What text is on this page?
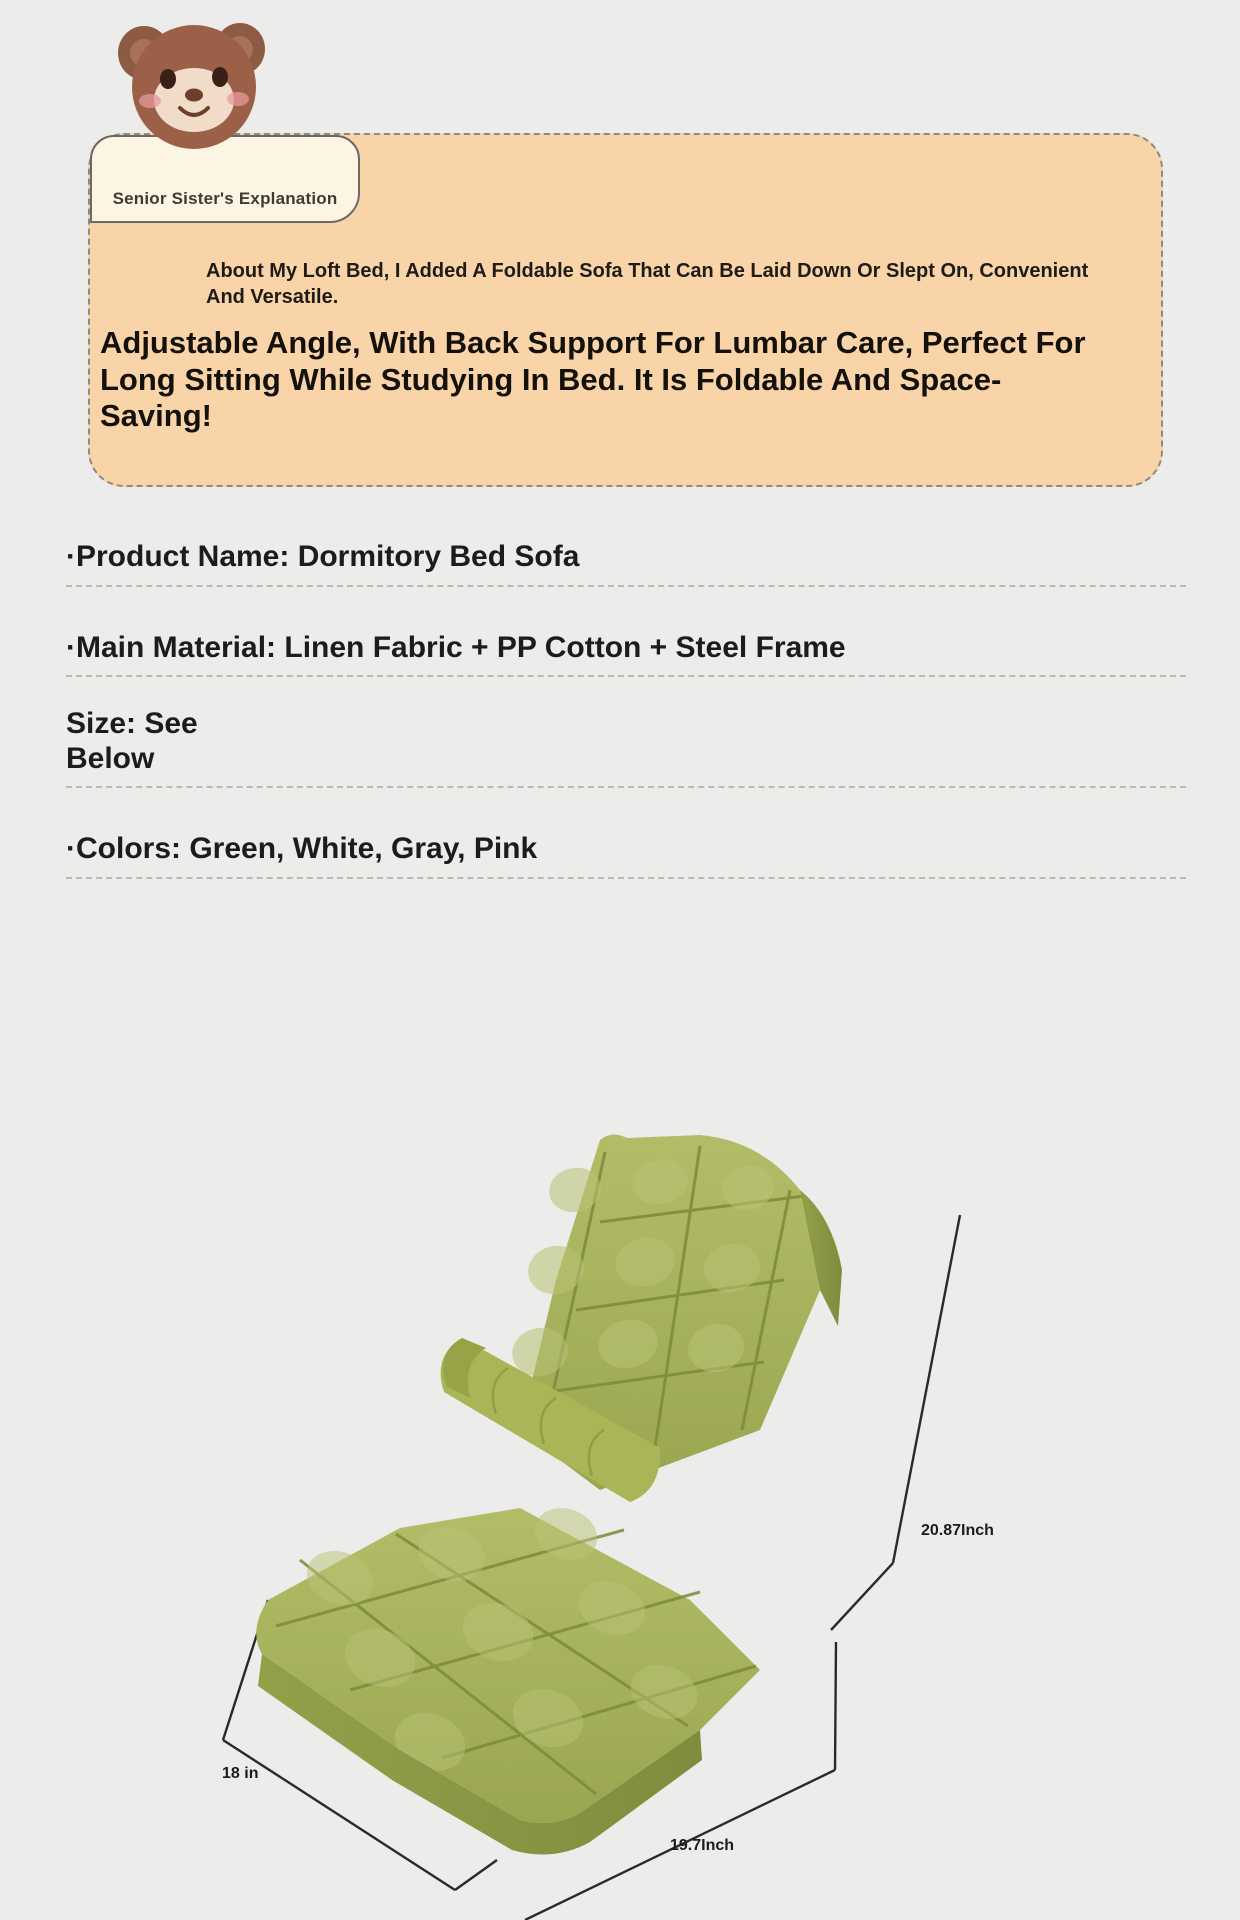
Senior Sister's Explanation
About My Loft Bed, I Added A Foldable Sofa That Can Be Laid Down Or Slept On, Convenient And Versatile.
Adjustable Angle, With Back Support For Lumbar Care, Perfect For Long Sitting While Studying In Bed. It Is Foldable And Space-Saving!
·Product Name: Dormitory Bed Sofa
·Main Material: Linen Fabric + PP Cotton + Steel Frame
Size: See Below
·Colors: Green, White, Gray, Pink
20.87Inch
18 in
19.7Inch
